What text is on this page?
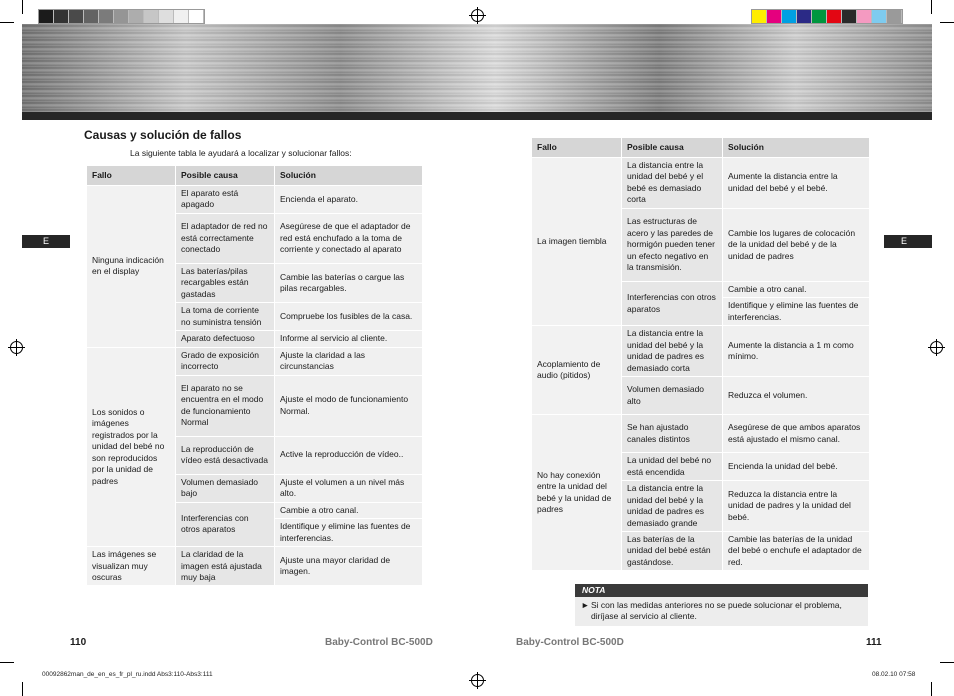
E	E
Causas y solución de fallos
La siguiente tabla le ayudará a localizar y solucionar fallos:
Fallo	Posible causa	Solución
Ninguna indicación en el display	El aparato está apagado	Encienda el aparato.
	El adaptador de red no está correctamente conectado	Asegúrese de que el adaptador de red está enchufado a la toma de corriente y conectado al aparato
	Las baterías/pilas recargables están gastadas	Cambie las baterías o cargue las pilas recargables.
	La toma de corriente no suministra tensión	Compruebe los fusibles de la casa.
	Aparato defectuoso	Informe al servicio al cliente.
Los sonidos o imágenes registrados por la unidad del bebé no son reproducidos por la unidad de padres	Grado de exposición incorrecto	Ajuste la claridad a las circunstancias
	El aparato no se encuentra en el modo de funcionamiento Normal	Ajuste el modo de funcionamiento Normal.
	La reproducción de vídeo está desactivada	Active la reproducción de vídeo..
	Volumen demasiado bajo	Ajuste el volumen a un nivel más alto.
	Interferencias con otros aparatos	Cambie a otro canal.
		Identifique y elimine las fuentes de interferencias.
Las imágenes se visualizan muy oscuras	La claridad de la imagen está ajustada muy baja	Ajuste una mayor claridad de imagen.
Fallo	Posible causa	Solución
La imagen tiembla	La distancia entre la unidad del bebé y el bebé es demasiado corta	Aumente la distancia entre la unidad del bebé y el bebé.
	Las estructuras de acero y las paredes de hormigón pueden tener un efecto negativo en la transmisión.	Cambie los lugares de colocación de la unidad del bebé y de la unidad de padres
	Interferencias con otros aparatos	Cambie a otro canal.
		Identifique y elimine las fuentes de interferencias.
Acoplamiento de audio (pitidos)	La distancia entre la unidad del bebé y la unidad de padres es demasiado corta	Aumente la distancia a 1 m como mínimo.
	Volumen demasiado alto	Reduzca el volumen.
No hay conexión entre la unidad del bebé y la unidad de padres	Se han ajustado canales distintos	Asegúrese de que ambos aparatos está ajustado el mismo canal.
	La unidad del bebé no está encendida	Encienda la unidad del bebé.
	La distancia entre la unidad del bebé y la unidad de padres es demasiado grande	Reduzca la distancia entre la unidad de padres y la unidad del bebé.
	Las baterías de la unidad del bebé están gastándose.	Cambie las baterías de la unidad del bebé o enchufe el adaptador de red.
NOTA
► Si con las medidas anteriores no se puede solucionar el problema, diríjase al servicio al cliente.
110	Baby-Control BC-500D	Baby-Control BC-500D	111
00092862man_de_en_es_fr_pl_ru.indd Abs3:110-Abs3:111	08.02.10 07:58
